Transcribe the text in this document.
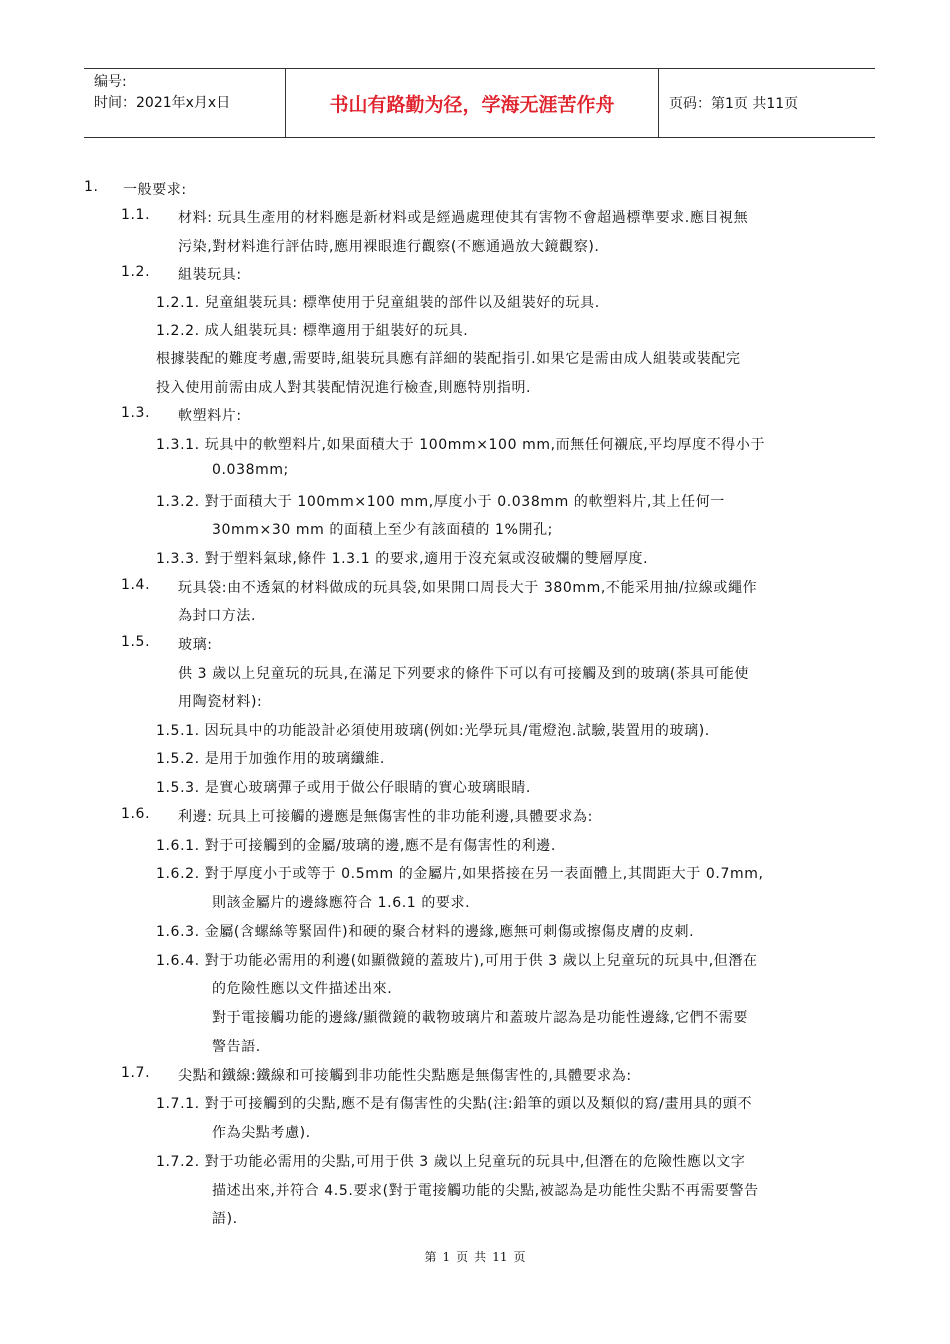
编号:
时间：2021年x月x日	书山有路勤为径，学海无涯苦作舟	页码：第1页 共11页
1. 一般要求:
1.1. 材料: 玩具生產用的材料應是新材料或是經過處理使其有害物不會超過標準要求.應目視無
污染,對材料進行評估時,應用裸眼進行觀察(不應通過放大鏡觀察).
1.2. 組裝玩具:
1.2.1. 兒童組裝玩具: 標準使用于兒童組裝的部件以及組裝好的玩具.
1.2.2. 成人組裝玩具: 標準適用于組裝好的玩具.
根據裝配的難度考慮,需要時,組裝玩具應有詳細的裝配指引.如果它是需由成人組裝或裝配完
投入使用前需由成人對其裝配情況進行檢查,則應特別指明.
1.3. 軟塑料片:
1.3.1. 玩具中的軟塑料片,如果面積大于 100mm×100 mm,而無任何襯底,平均厚度不得小于
0.038mm;
1.3.2. 對于面積大于 100mm×100 mm,厚度小于 0.038mm 的軟塑料片,其上任何一
30mm×30 mm 的面積上至少有該面積的 1%開孔;
1.3.3. 對于塑料氣球,條件 1.3.1 的要求,適用于沒充氣或沒破爛的雙層厚度.
1.4. 玩具袋:由不透氣的材料做成的玩具袋,如果開口周長大于 380mm,不能采用抽/拉線或繩作
為封口方法.
1.5. 玻璃:
供 3 歲以上兒童玩的玩具,在滿足下列要求的條件下可以有可接觸及到的玻璃(茶具可能使
用陶瓷材料):
1.5.1. 因玩具中的功能設計必須使用玻璃(例如:光學玩具/電燈泡.試驗,裝置用的玻璃).
1.5.2. 是用于加強作用的玻璃纖維.
1.5.3. 是實心玻璃彈子或用于做公仔眼睛的實心玻璃眼睛.
1.6. 利邊: 玩具上可接觸的邊應是無傷害性的非功能利邊,具體要求為:
1.6.1. 對于可接觸到的金屬/玻璃的邊,應不是有傷害性的利邊.
1.6.2. 對于厚度小于或等于 0.5mm 的金屬片,如果搭接在另一表面體上,其間距大于 0.7mm,
則該金屬片的邊緣應符合 1.6.1 的要求.
1.6.3. 金屬(含螺絲等緊固件)和硬的聚合材料的邊緣,應無可刺傷或擦傷皮膚的皮刺.
1.6.4. 對于功能必需用的利邊(如顯微鏡的蓋玻片),可用于供 3 歲以上兒童玩的玩具中,但潛在
的危險性應以文件描述出來.
對于電接觸功能的邊緣/顯微鏡的載物玻璃片和蓋玻片認為是功能性邊緣,它們不需要
警告語.
1.7. 尖點和鐵線:鐵線和可接觸到非功能性尖點應是無傷害性的,具體要求為:
1.7.1. 對于可接觸到的尖點,應不是有傷害性的尖點(注:鉛筆的頭以及類似的寫/畫用具的頭不
作為尖點考慮).
1.7.2. 對于功能必需用的尖點,可用于供 3 歲以上兒童玩的玩具中,但潛在的危險性應以文字
描述出來,并符合 4.5.要求(對于電接觸功能的尖點,被認為是功能性尖點不再需要警告
語).
第 1 页 共 11 页
